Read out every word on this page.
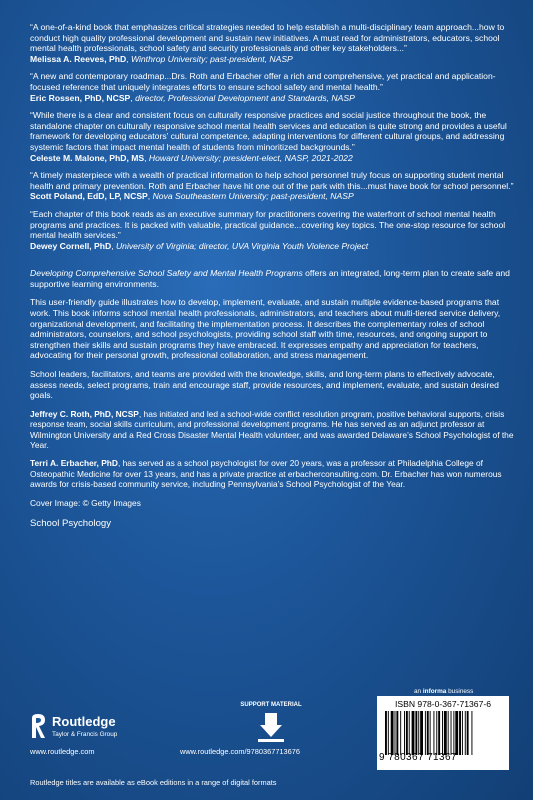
“A one-of-a-kind book that emphasizes critical strategies needed to help establish a multi-disciplinary team approach...how to conduct high quality professional development and sustain new initiatives. A must read for administrators, educators, school mental health professionals, school safety and security professionals and other key stakeholders...”

Melissa A. Reeves, PhD, Winthrop University; past-president, NASP

“A new and contemporary roadmap...Drs. Roth and Erbacher offer a rich and comprehensive, yet practical and application-focused reference that uniquely integrates efforts to ensure school safety and mental health.”

Eric Rossen, PhD, NCSP, director, Professional Development and Standards, NASP

“While there is a clear and consistent focus on culturally responsive practices and social justice throughout the book, the standalone chapter on culturally responsive school mental health services and education is quite strong and provides a useful framework for developing educators’ cultural competence, adapting interventions for different cultural groups, and addressing systemic factors that impact mental health of students from minoritized backgrounds.”

Celeste M. Malone, PhD, MS, Howard University; president-elect, NASP, 2021-2022

“A timely masterpiece with a wealth of practical information to help school personnel truly focus on supporting student mental health and primary prevention. Roth and Erbacher have hit one out of the park with this...must have book for school personnel.”

Scott Poland, EdD, LP, NCSP, Nova Southeastern University; past-president, NASP

“Each chapter of this book reads as an executive summary for practitioners covering the waterfront of school mental health programs and practices. It is packed with valuable, practical guidance...covering key topics. The one-stop resource for school mental health services.”

Dewey Cornell, PhD, University of Virginia; director, UVA Virginia Youth Violence Project

Developing Comprehensive School Safety and Mental Health Programs offers an integrated, long-term plan to create safe and supportive learning environments.

This user-friendly guide illustrates how to develop, implement, evaluate, and sustain multiple evidence-based programs that work. This book informs school mental health professionals, administrators, and teachers about multi-tiered service delivery, organizational development, and facilitating the implementation process. It describes the complementary roles of school administrators, counselors, and school psychologists, providing school staff with time, resources, and ongoing support to strengthen their skills and sustain programs they have embraced. It expresses empathy and appreciation for teachers, advocating for their personal growth, professional collaboration, and stress management.

School leaders, facilitators, and teams are provided with the knowledge, skills, and long-term plans to effectively advocate, assess needs, select programs, train and encourage staff, provide resources, and implement, evaluate, and sustain desired goals.

Jeffrey C. Roth, PhD, NCSP, has initiated and led a school-wide conflict resolution program, positive behavioral supports, crisis response team, social skills curriculum, and professional development programs. He has served as an adjunct professor at Wilmington University and a Red Cross Disaster Mental Health volunteer, and was awarded Delaware’s School Psychologist of the Year.

Terri A. Erbacher, PhD, has served as a school psychologist for over 20 years, was a professor at Philadelphia College of Osteopathic Medicine for over 13 years, and has a private practice at erbacherconsulting.com. Dr. Erbacher has won numerous awards for crisis-based community service, including Pennsylvania’s School Psychologist of the Year.

Cover Image: © Getty Images

School Psychology

Routledge
Taylor & Francis Group
www.routledge.com
SUPPORT MATERIAL
www.routledge.com/9780367713676
an informa business
ISBN 978-0-367-71367-6
9 780367 71367
Routledge titles are available as eBook editions in a range of digital formats
